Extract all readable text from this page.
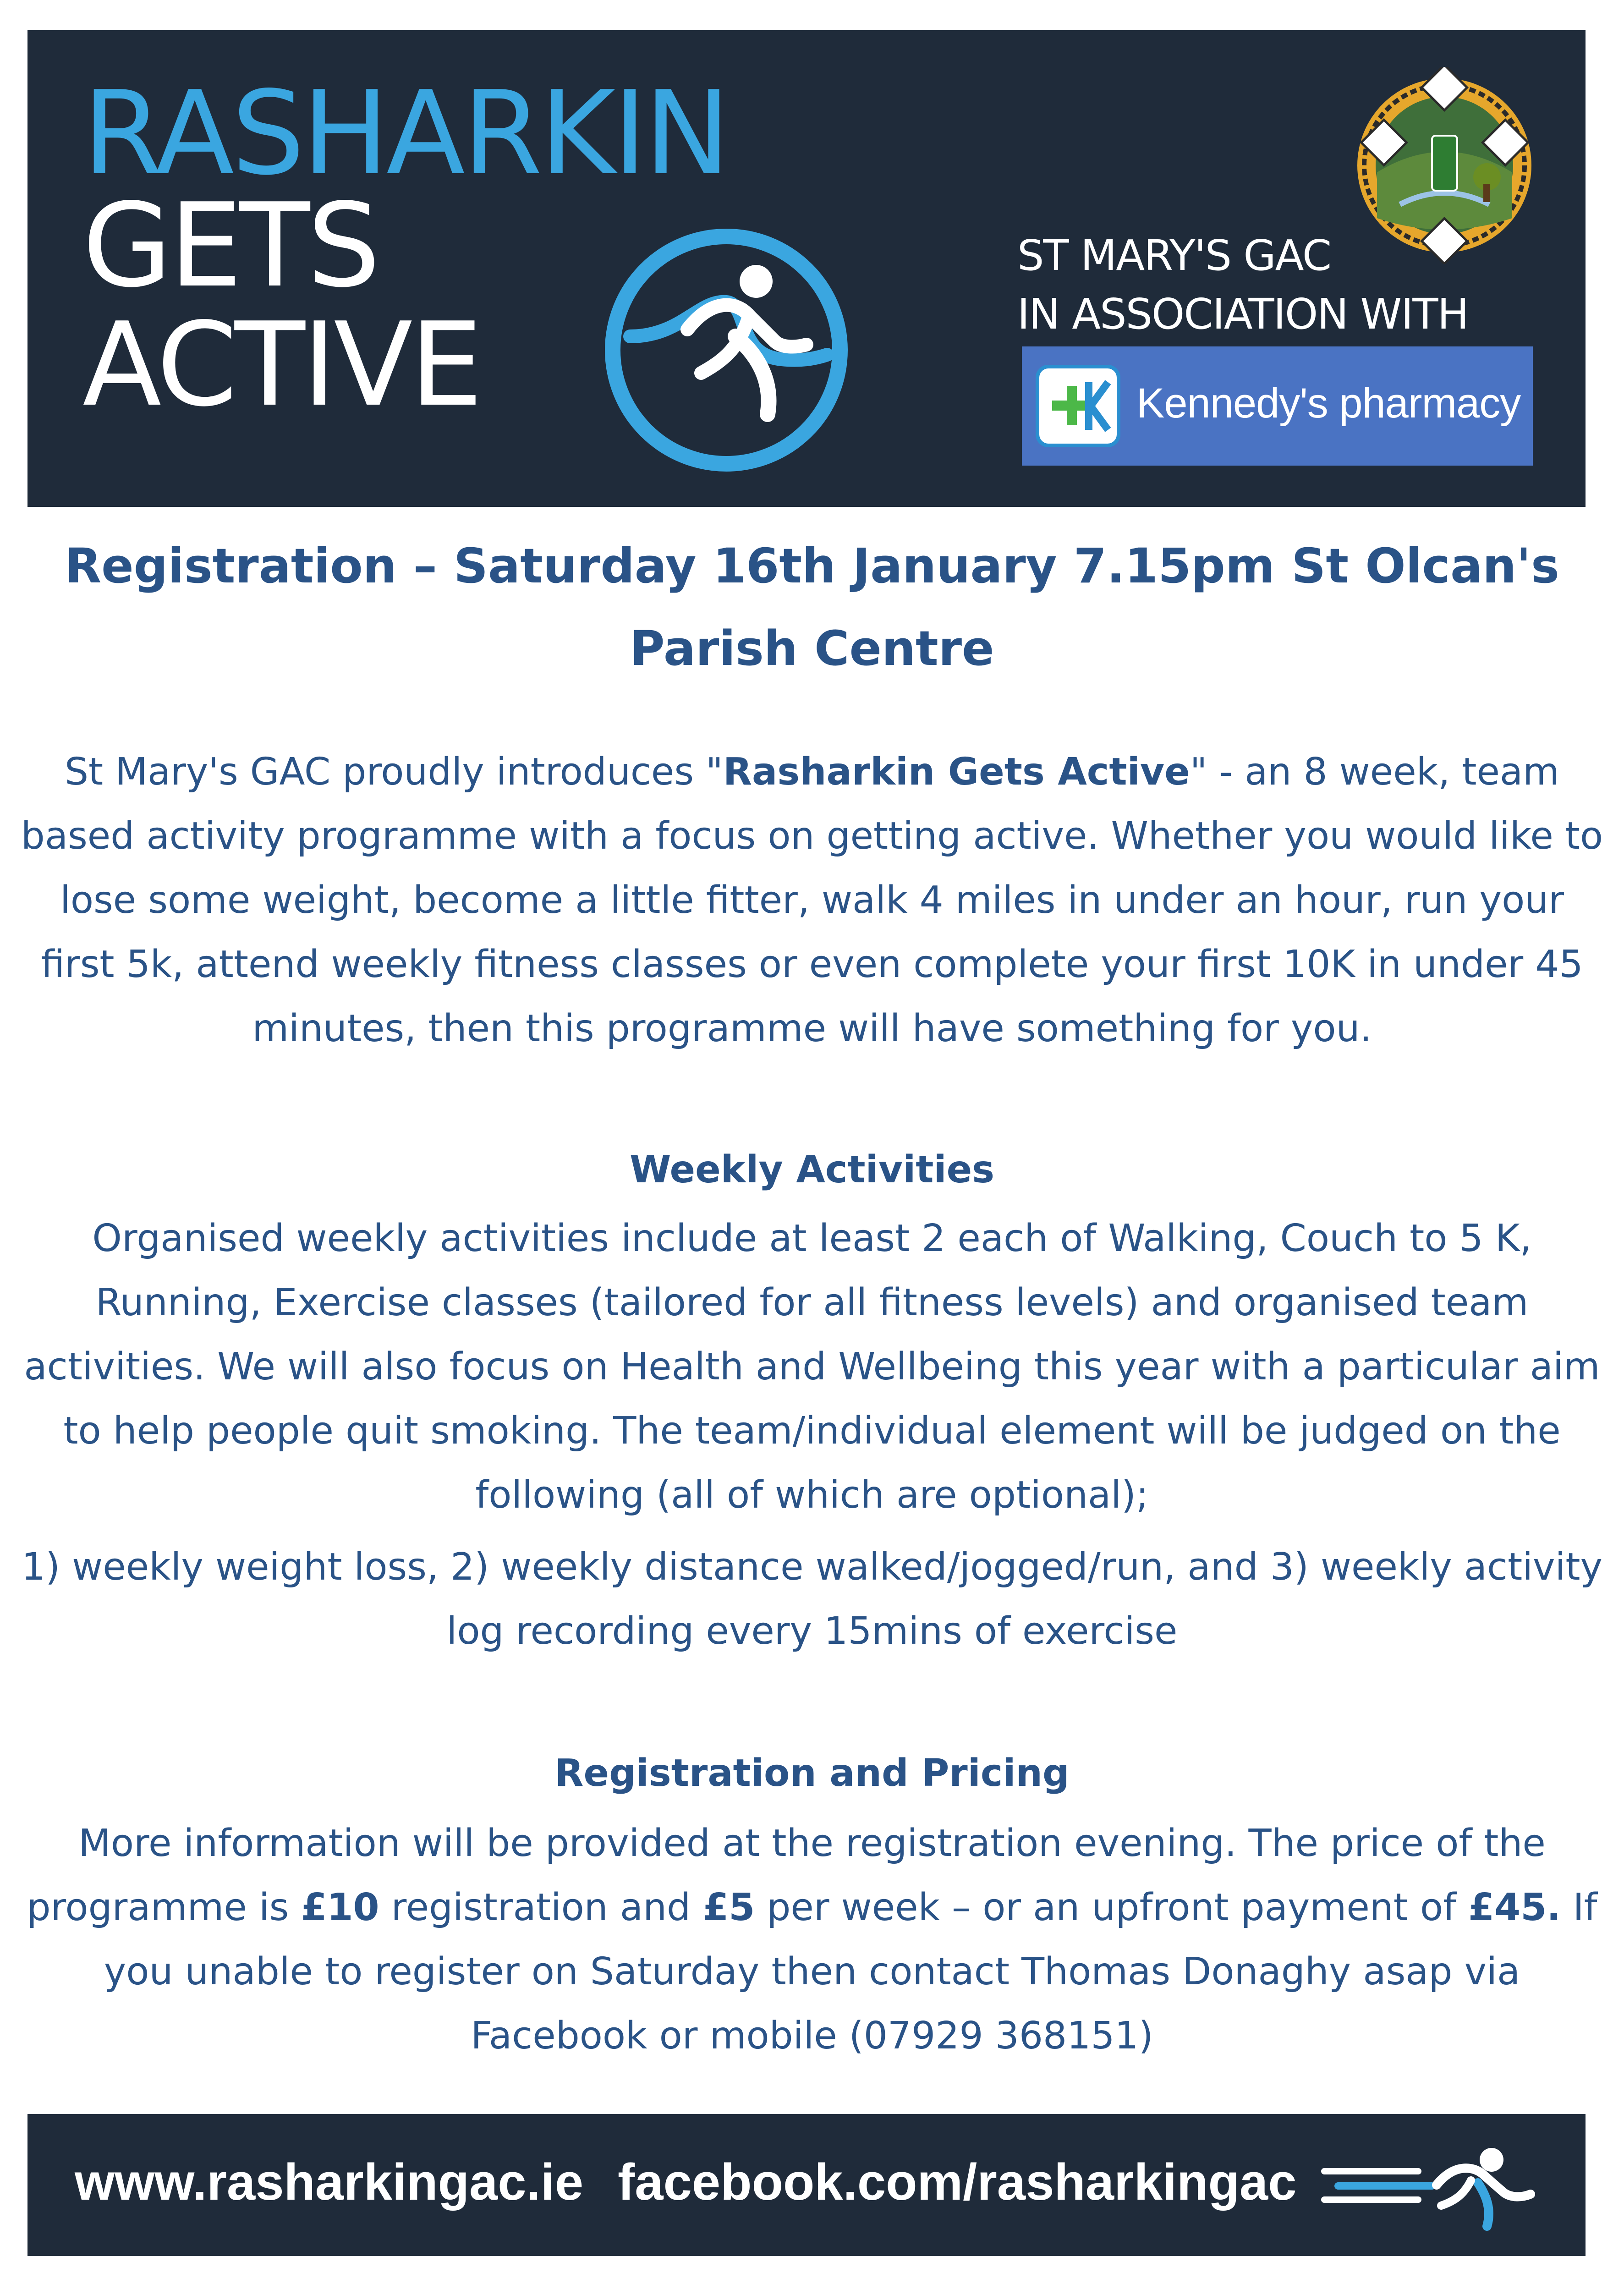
RASHARKIN
GETS
ACTIVE
ST MARY'S GAC
IN ASSOCIATION WITH
Kennedy's pharmacy
Registration – Saturday 16th January 7.15pm St Olcan's Parish Centre

St Mary's GAC proudly introduces "Rasharkin Gets Active" - an 8 week, team based activity programme with a focus on getting active. Whether you would like to lose some weight, become a little fitter, walk 4 miles in under an hour, run your first 5k, attend weekly fitness classes or even complete your first 10K in under 45 minutes, then this programme will have something for you.

Weekly Activities

Organised weekly activities include at least 2 each of Walking, Couch to 5 K, Running, Exercise classes (tailored for all fitness levels) and organised team activities. We will also focus on Health and Wellbeing this year with a particular aim to help people quit smoking. The team/individual element will be judged on the following (all of which are optional);

1) weekly weight loss, 2) weekly distance walked/jogged/run, and 3) weekly activity log recording every 15mins of exercise

Registration and Pricing

More information will be provided at the registration evening. The price of the programme is £10 registration and £5 per week – or an upfront payment of £45. If you unable to register on Saturday then contact Thomas Donaghy asap via Facebook or mobile (07929 368151)

www.rasharkingac.ie facebook.com/rasharkingac
